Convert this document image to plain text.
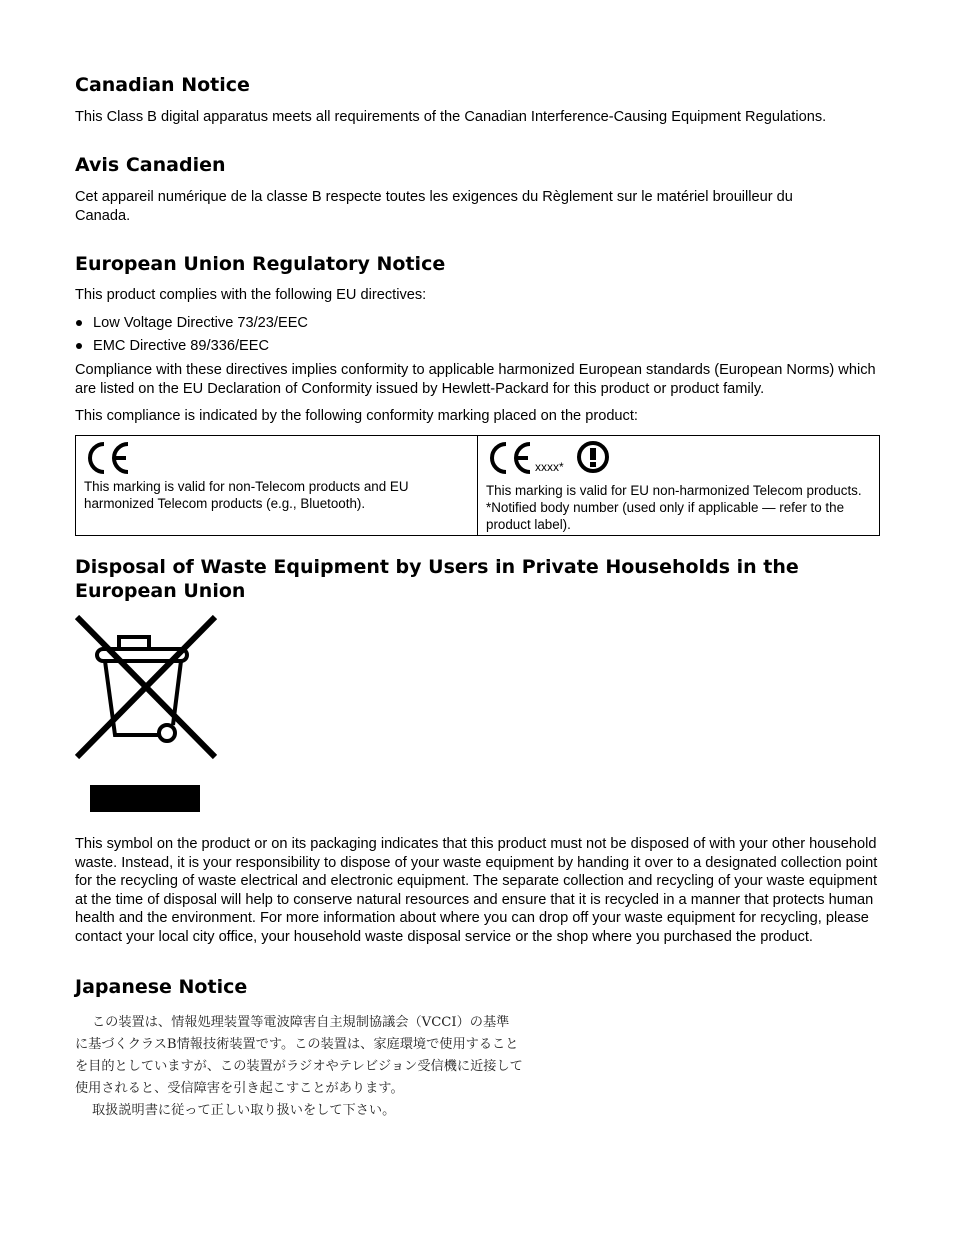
Canadian Notice

This Class B digital apparatus meets all requirements of the Canadian Interference-Causing Equipment Regulations.

Avis Canadien

Cet appareil numérique de la classe B respecte toutes les exigences du Règlement sur le matériel brouilleur du Canada.

European Union Regulatory Notice

This product complies with the following EU directives:

Low Voltage Directive 73/23/EEC
EMC Directive 89/336/EEC

Compliance with these directives implies conformity to applicable harmonized European standards (European Norms) which are listed on the EU Declaration of Conformity issued by Hewlett-Packard for this product or product family.

This compliance is indicated by the following conformity marking placed on the product:

This marking is valid for non-Telecom products and EU harmonized Telecom products (e.g., Bluetooth).

xxxx*

This marking is valid for EU non-harmonized Telecom products. *Notified body number (used only if applicable — refer to the product label).

Disposal of Waste Equipment by Users in Private Households in the European Union

This symbol on the product or on its packaging indicates that this product must not be disposed of with your other household waste. Instead, it is your responsibility to dispose of your waste equipment by handing it over to a designated collection point for the recycling of waste electrical and electronic equipment. The separate collection and recycling of your waste equipment at the time of disposal will help to conserve natural resources and ensure that it is recycled in a manner that protects human health and the environment. For more information about where you can drop off your waste equipment for recycling, please contact your local city office, your household waste disposal service or the shop where you purchased the product.

Japanese Notice
この装置は、情報処理装置等電波障害自主規制協議会（VCCI）の基準
に基づくクラスB情報技術装置です。この装置は、家庭環境で使用すること
を目的としていますが、この装置がラジオやテレビジョン受信機に近接して
使用されると、受信障害を引き起こすことがあります。
取扱説明書に従って正しい取り扱いをして下さい。
